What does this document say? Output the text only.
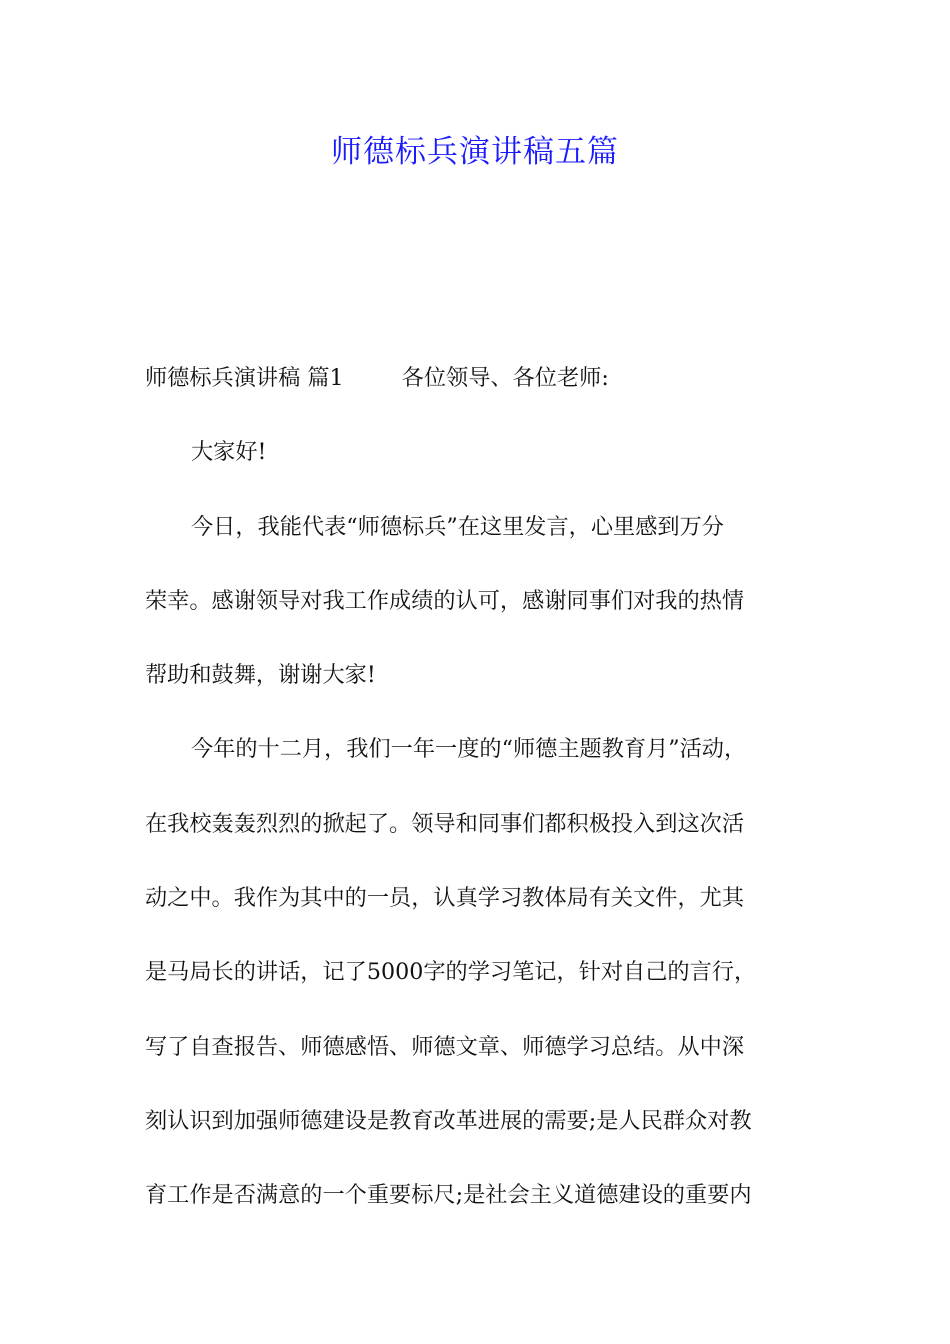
师德标兵演讲稿五篇
师德标兵演讲稿 篇1	各位领导、各位老师:
大家好!
今日，我能代表“师德标兵”在这里发言，心里感到万分
荣幸。感谢领导对我工作成绩的认可，感谢同事们对我的热情
帮助和鼓舞，谢谢大家!
今年的十二月，我们一年一度的“师德主题教育月”活动，
在我校轰轰烈烈的掀起了。领导和同事们都积极投入到这次活
动之中。我作为其中的一员，认真学习教体局有关文件，尤其
是马局长的讲话，记了5000字的学习笔记，针对自己的言行，
写了自查报告、师德感悟、师德文章、师德学习总结。从中深
刻认识到加强师德建设是教育改革进展的需要;是人民群众对教
育工作是否满意的一个重要标尺;是社会主义道德建设的重要内
